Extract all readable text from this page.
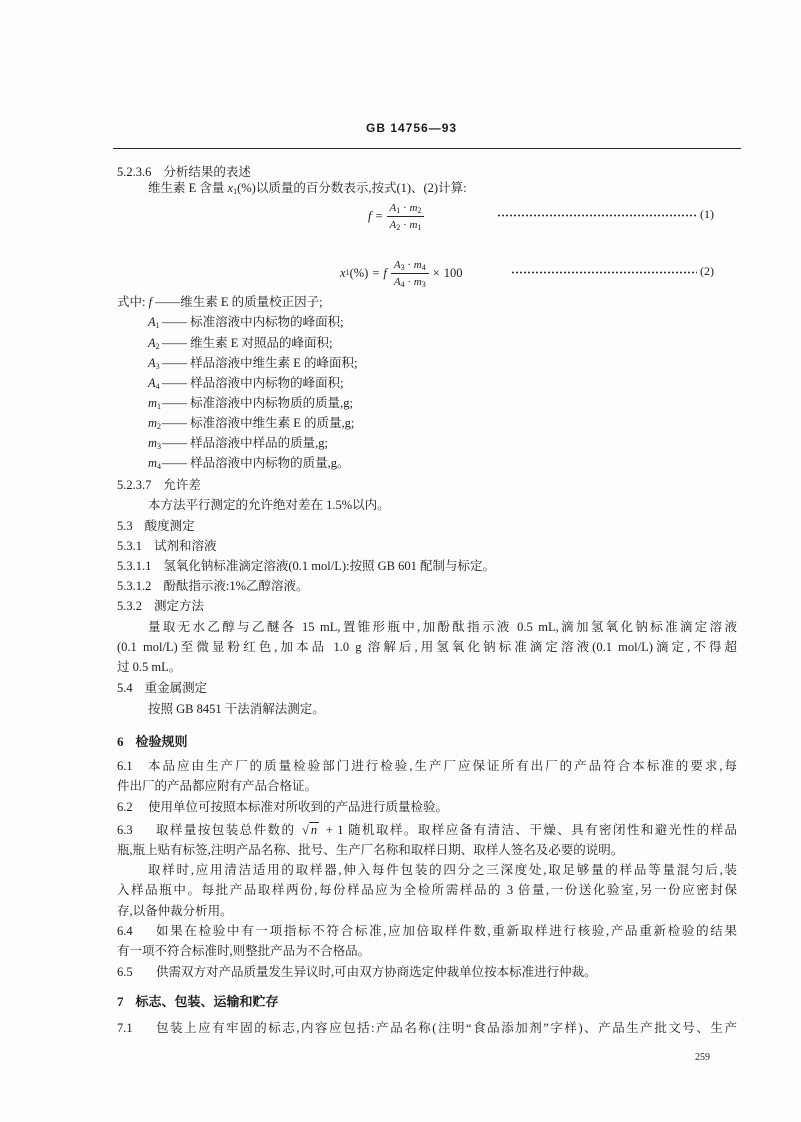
GB 14756—93
5.2.3.6 分析结果的表述
维生素 E 含量 $x_1(\%)$以质量的百分数表示,按式(1)、(2)计算:
$f = \frac{A_1 \cdot m_2}{A_2 \cdot m_1}$	(1)
x 1 (%) = f $\frac{A_3 \cdot m_4}{A_4 \cdot m_3} \times 100$	(2)
式中: f ——维生素 E 的质量校正因子;
$A_1$ —— 标准溶液中内标物的峰面积;
$A_2$ —— 维生素 E 对照品的峰面积;
$A_3$ —— 样品溶液中维生素 E 的峰面积;
$A_4$ —— 样品溶液中内标物的峰面积;
$m_1——$ 标准溶液中内标物质的质量,g;
$m_2——$ 标准溶液中维生素 E 的质量,g;
$m_3——$ 样品溶液中样品的质量,g;
$m_4——$ 样品溶液中内标物的质量,g。
5.2.3.7 允许差
本方法平行测定的允许绝对差在 1.5%以内。
5.3 酸度测定
5.3.1 试剂和溶液
5.3.1.1 氢氧化钠标准滴定溶液(0.1 mol/L):按照 GB 601 配制与标定。
5.3.1.2 酚酞指示液:1%乙醇溶液。
5.3.2 测定方法
量取无水乙醇与乙醚各 15 mL,置锥形瓶中,加酚酞指示液 0.5 mL,滴加氢氧化钠标准滴定溶液
(0.1 mol/L)至微显粉红色,加本品 1.0 g 溶解后,用氢氧化钠标准滴定溶液(0.1 mol/L)滴定,不得超
过 0.5 mL。
5.4 重金属测定
按照 GB 8451 干法消解法测定。
6 检验规则
6.1 本品应由生产厂的质量检验部门进行检验,生产厂应保证所有出厂的产品符合本标准的要求,每
件出厂的产品都应附有产品合格证。
6.2 使用单位可按照本标准对所收到的产品进行质量检验。
6.3 取样量按包装总件数的 √ n + 1 随机取样。取样应备有清洁、干燥、具有密闭性和避光性的样品
瓶,瓶上贴有标签,注明产品名称、批号、生产厂名称和取样日期、取样人签名及必要的说明。
取样时,应用清洁适用的取样器,伸入每件包装的四分之三深度处,取足够量的样品等量混匀后,装
入样品瓶中。每批产品取样两份,每份样品应为全检所需样品的 3 倍量,一份送化验室,另一份应密封保
存,以备仲裁分析用。
6.4 如果在检验中有一项指标不符合标准,应加倍取样件数,重新取样进行核验,产品重新检验的结果
有一项不符合标准时,则整批产品为不合格品。
6.5 供需双方对产品质量发生异议时,可由双方协商选定仲裁单位按本标准进行仲裁。
7 标志、包装、运输和贮存
7.1 包装上应有牢固的标志,内容应包括:产品名称(注明“食品添加剂”字样)、产品生产批文号、生产
259
